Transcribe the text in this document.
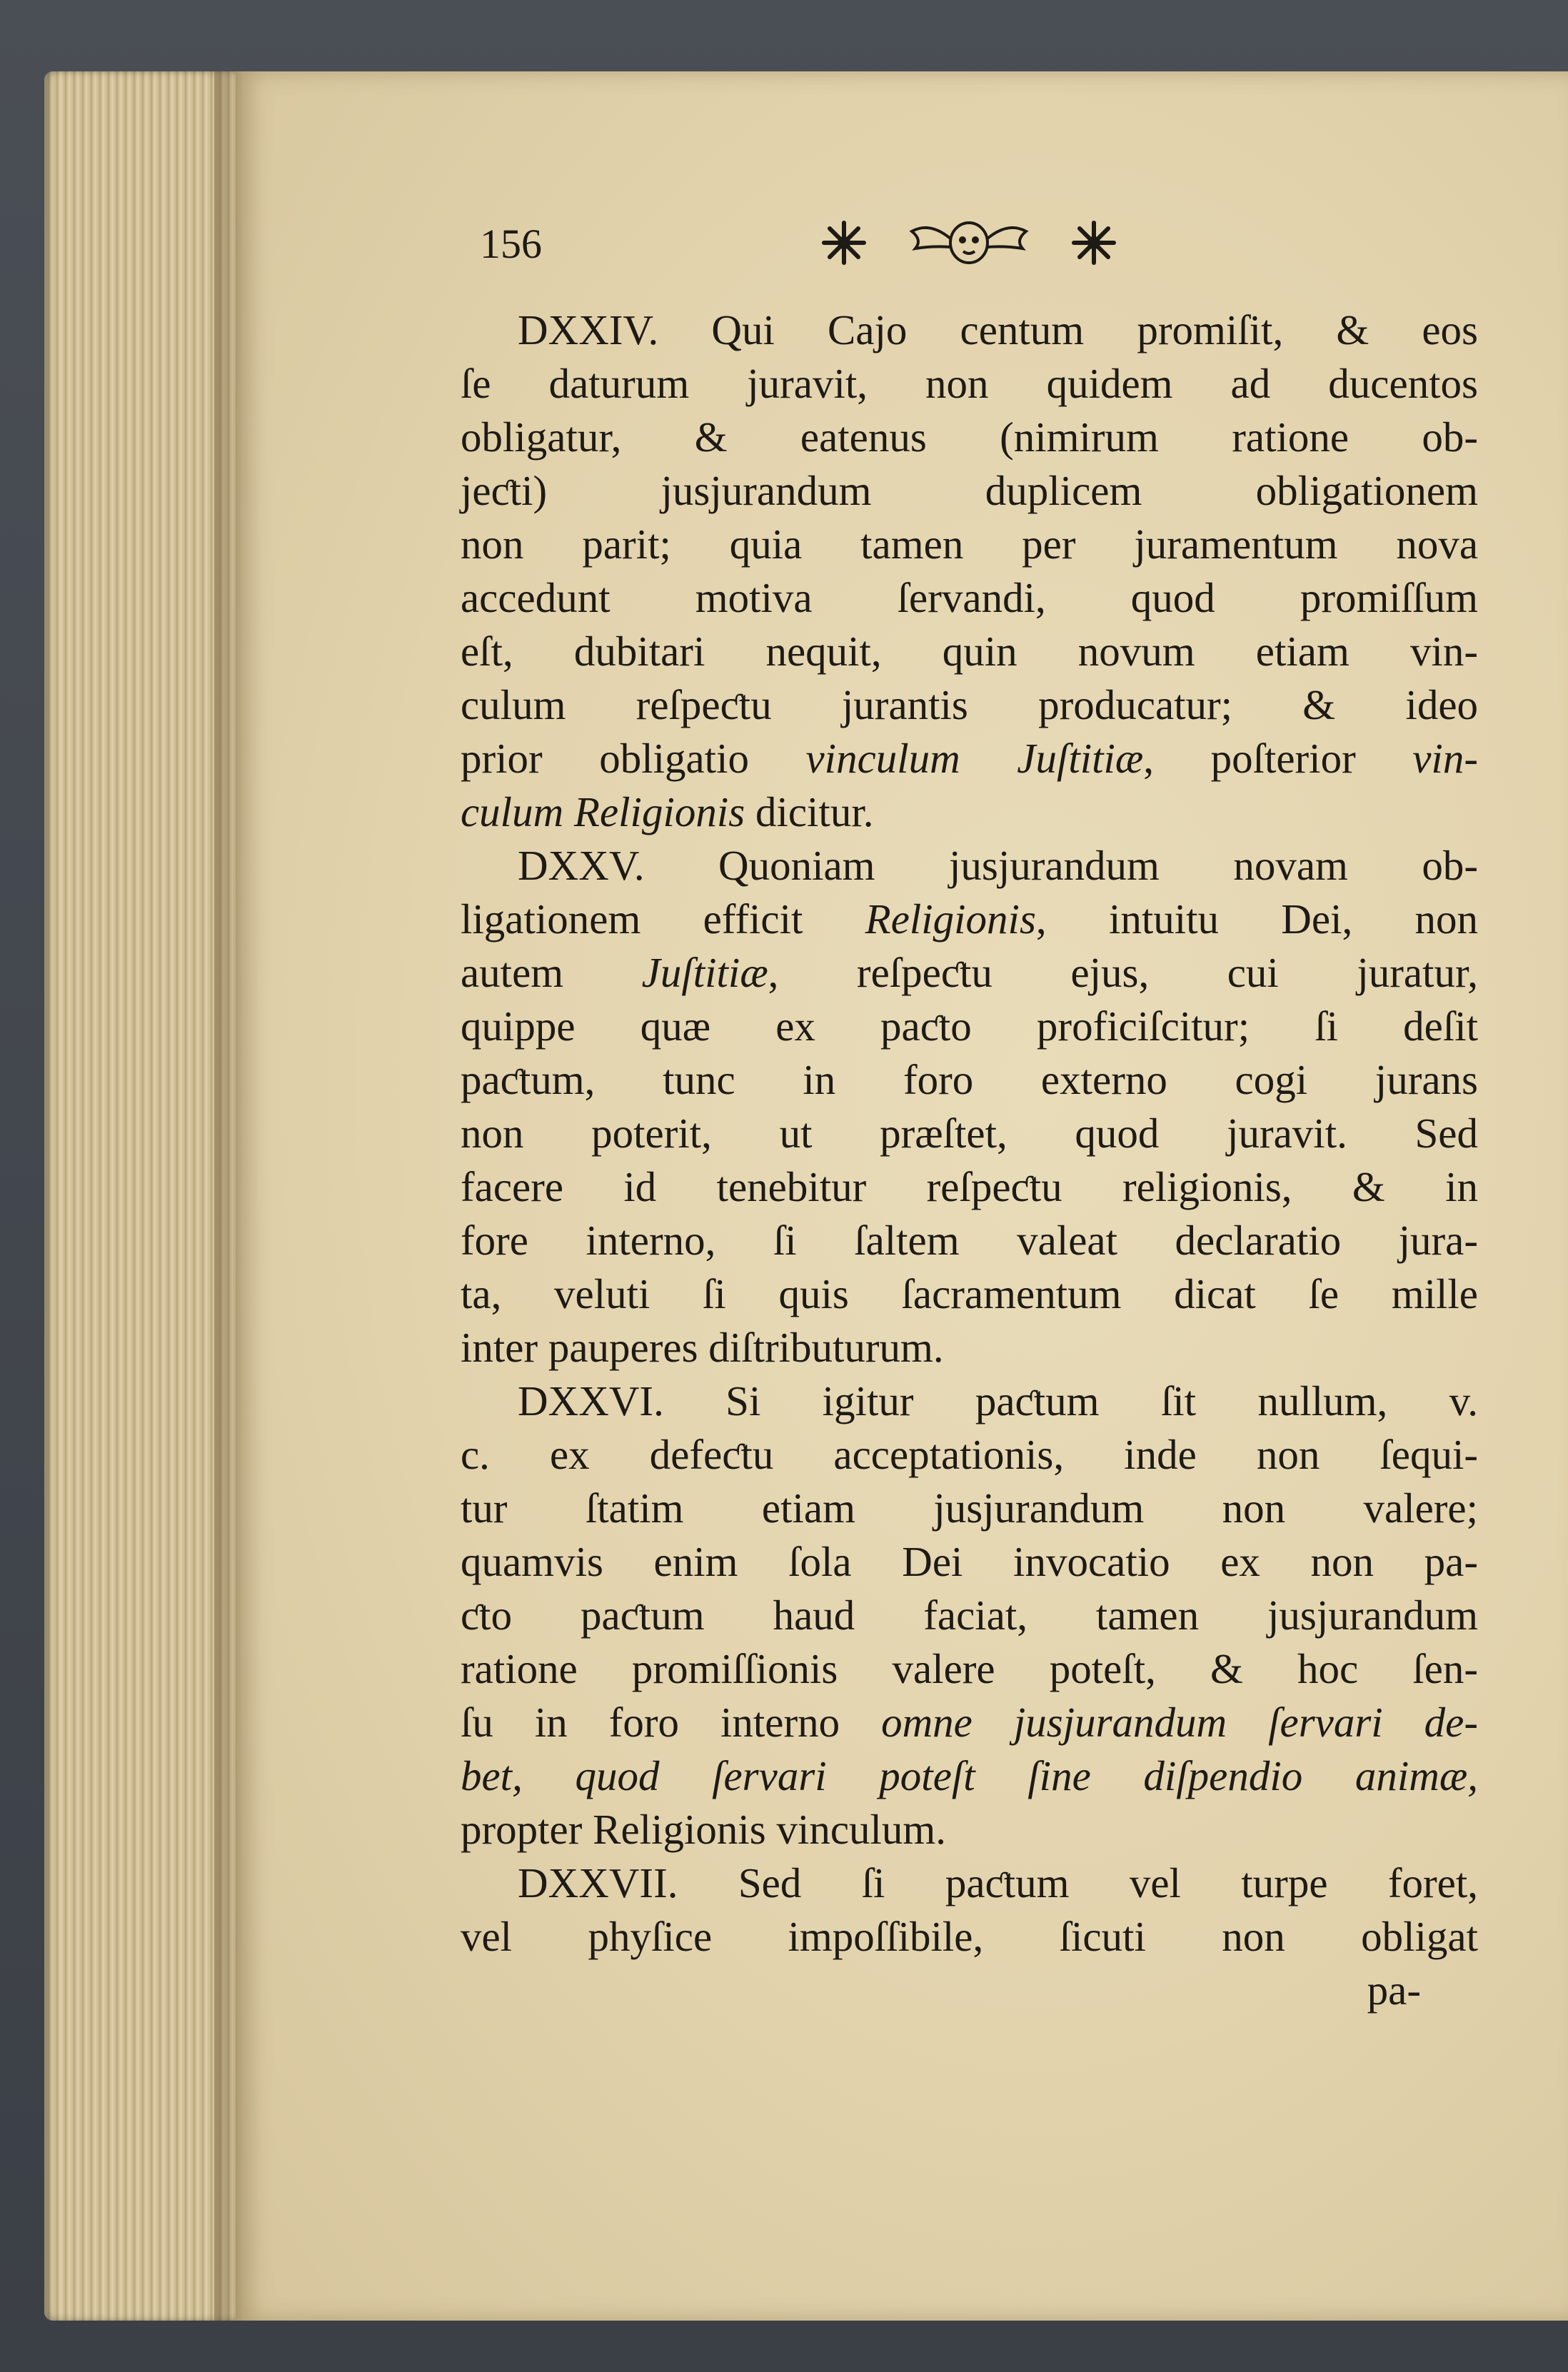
156
DXXIV. Qui Cajo centum promiſit, & eos
ſe daturum juravit, non quidem ad ducentos
obligatur, & eatenus (nimirum ratione ob-
jeƈti) jusjurandum duplicem obligationem
non parit; quia tamen per juramentum nova
accedunt motiva ſervandi, quod promiſſum
eſt, dubitari nequit, quin novum etiam vin-
culum reſpeƈtu jurantis producatur; & ideo
prior obligatio vinculum Juſtitiæ, poſterior vin-
culum Religionis dicitur.
DXXV. Quoniam jusjurandum novam ob-
ligationem efficit Religionis, intuitu Dei, non
autem Juſtitiæ, reſpeƈtu ejus, cui juratur,
quippe quæ ex paƈto proficiſcitur; ſi deſit
paƈtum, tunc in foro externo cogi jurans
non poterit, ut præſtet, quod juravit. Sed
facere id tenebitur reſpeƈtu religionis, & in
fore interno, ſi ſaltem valeat declaratio jura-
ta, veluti ſi quis ſacramentum dicat ſe mille
inter pauperes diſtributurum.
DXXVI. Si igitur paƈtum ſit nullum, v.
c. ex defeƈtu acceptationis, inde non ſequi-
tur ſtatim etiam jusjurandum non valere;
quamvis enim ſola Dei invocatio ex non pa-
ƈto paƈtum haud faciat, tamen jusjurandum
ratione promiſſionis valere poteſt, & hoc ſen-
ſu in foro interno omne jusjurandum ſervari de-
bet, quod ſervari poteſt ſine diſpendio animæ,
propter Religionis vinculum.
DXXVII. Sed ſi paƈtum vel turpe foret,
vel phyſice impoſſibile, ſicuti non obligat
pa-
